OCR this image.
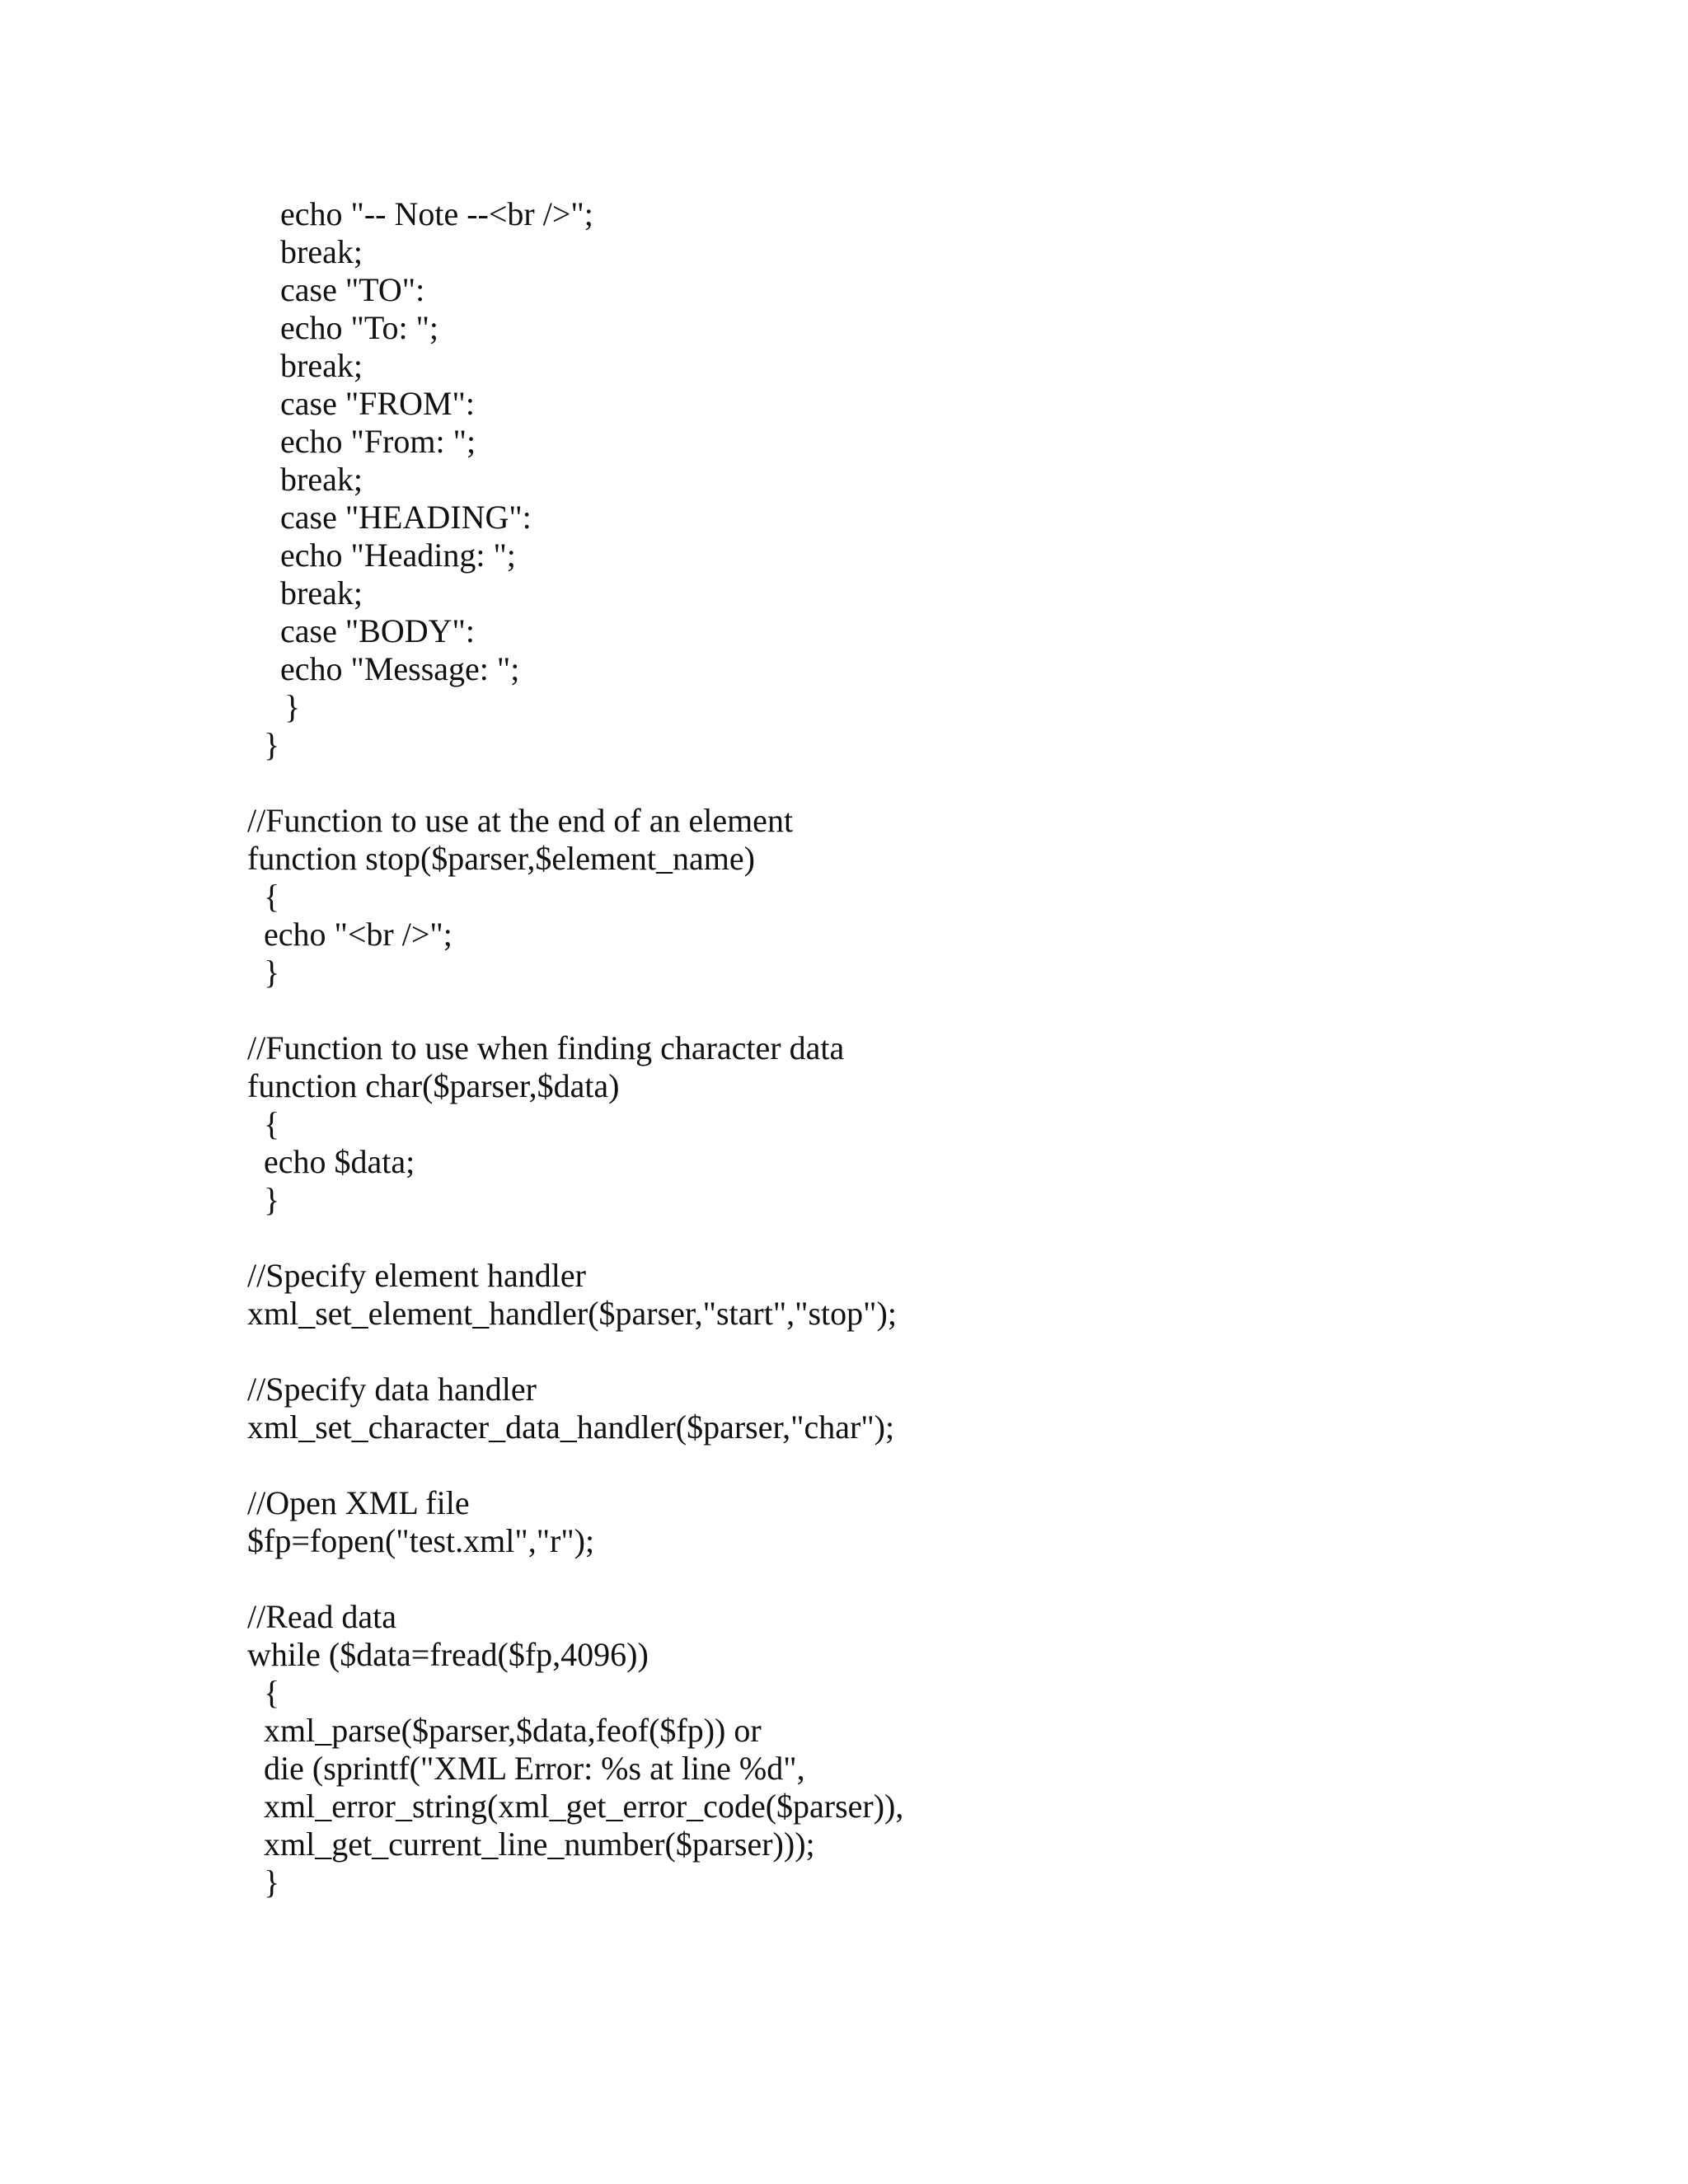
echo "-- Note --<br />";
break;
case "TO":
echo "To: ";
break;
case "FROM":
echo "From: ";
break;
case "HEADING":
echo "Heading: ";
break;
case "BODY":
echo "Message: ";
}
}
//Function to use at the end of an element
function stop($parser,$element_name)
{
echo "<br />";
}
//Function to use when finding character data
function char($parser,$data)
{
echo $data;
}
//Specify element handler
xml_set_element_handler($parser,"start","stop");
//Specify data handler
xml_set_character_data_handler($parser,"char");
//Open XML file
$fp=fopen("test.xml","r");
//Read data
while ($data=fread($fp,4096))
{
xml_parse($parser,$data,feof($fp)) or
die (sprintf("XML Error: %s at line %d",
xml_error_string(xml_get_error_code($parser)),
xml_get_current_line_number($parser)));
}
